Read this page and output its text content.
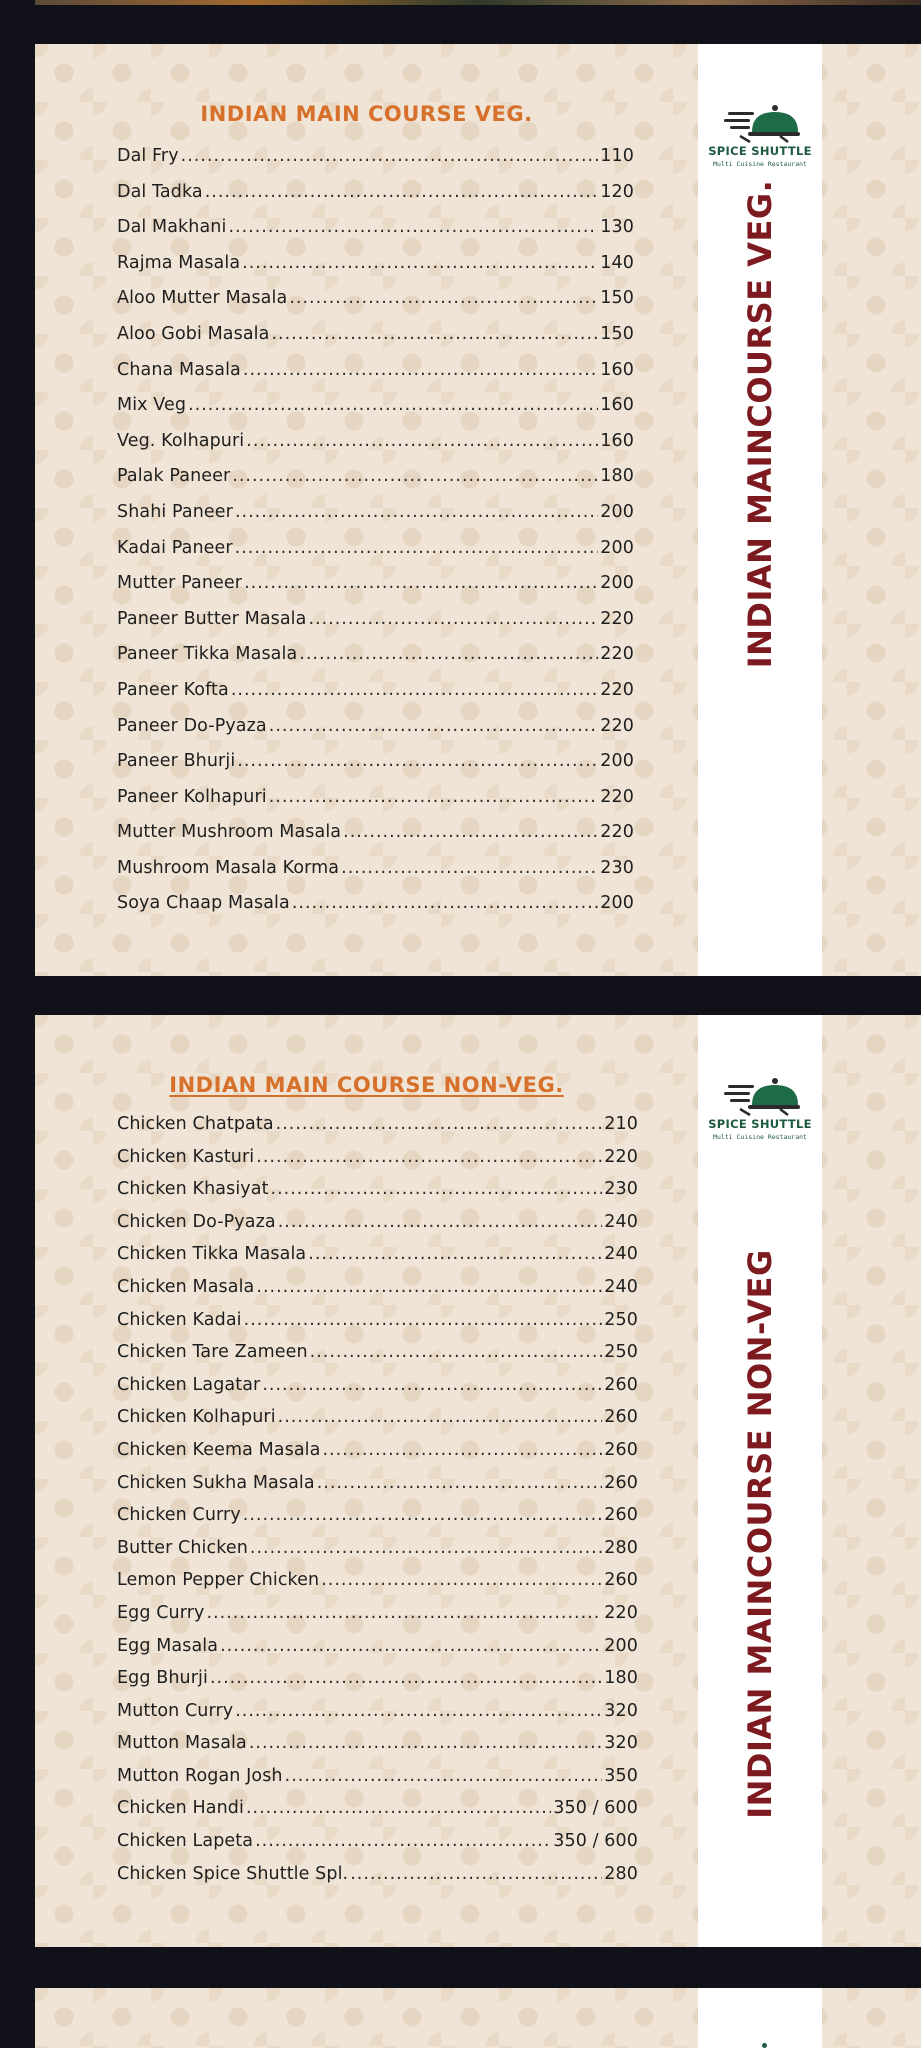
INDIAN MAIN COURSE VEG.
Dal Fry .....	110
Dal Tadka .....	120
Dal Makhani .....	130
Rajma Masala .....	140
Aloo Mutter Masala .....	150
Aloo Gobi Masala .....	150
Chana Masala .....	160
Mix Veg .....	160
Veg. Kolhapuri .....	160
Palak Paneer .....	180
Shahi Paneer .....	200
Kadai Paneer .....	200
Mutter Paneer .....	200
Paneer Butter Masala .....	220
Paneer Tikka Masala .....	220
Paneer Kofta .....	220
Paneer Do-Pyaza .....	220
Paneer Bhurji .....	200
Paneer Kolhapuri .....	220
Mutter Mushroom Masala .....	220
Mushroom Masala Korma .....	230
Soya Chaap Masala .....	200
SPICE SHUTTLE
Multi Cuisine Restaurant
INDIAN MAINCOURSE VEG.
INDIAN MAIN COURSE NON-VEG.
Chicken Chatpata .....	210
Chicken Kasturi .....	220
Chicken Khasiyat .....	230
Chicken Do-Pyaza .....	240
Chicken Tikka Masala .....	240
Chicken Masala .....	240
Chicken Kadai .....	250
Chicken Tare Zameen .....	250
Chicken Lagatar .....	260
Chicken Kolhapuri .....	260
Chicken Keema Masala .....	260
Chicken Sukha Masala .....	260
Chicken Curry .....	260
Butter Chicken .....	280
Lemon Pepper Chicken .....	260
Egg Curry .....	220
Egg Masala .....	200
Egg Bhurji .....	180
Mutton Curry .....	320
Mutton Masala .....	320
Mutton Rogan Josh .....	350
Chicken Handi .....	350 / 600
Chicken Lapeta .....	350 / 600
Chicken Spice Shuttle Spl. .....	280
SPICE SHUTTLE
Multi Cuisine Restaurant
INDIAN MAINCOURSE NON-VEG
